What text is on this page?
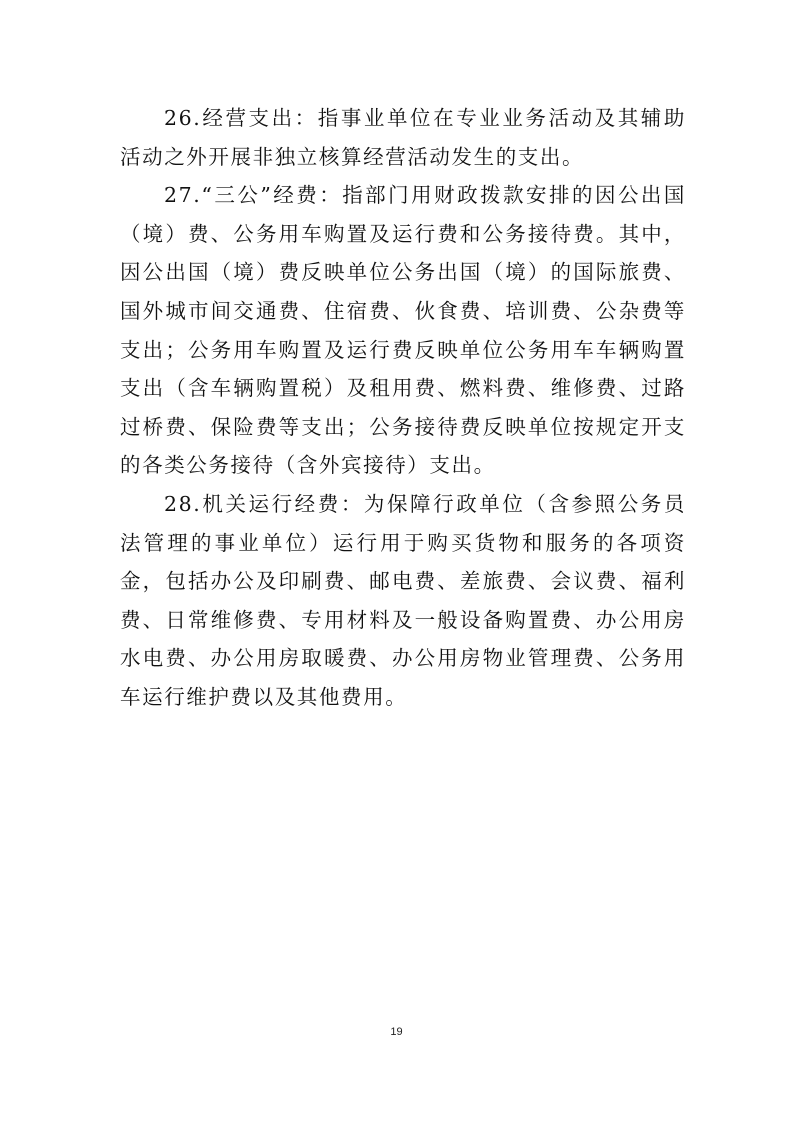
26.经营支出：指事业单位在专业业务活动及其辅助活动之外开展非独立核算经营活动发生的支出。

27.“三公”经费：指部门用财政拨款安排的因公出国（境）费、公务用车购置及运行费和公务接待费。其中，因公出国（境）费反映单位公务出国（境）的国际旅费、国外城市间交通费、住宿费、伙食费、培训费、公杂费等支出；公务用车购置及运行费反映单位公务用车车辆购置支出（含车辆购置税）及租用费、燃料费、维修费、过路过桥费、保险费等支出；公务接待费反映单位按规定开支的各类公务接待（含外宾接待）支出。

28.机关运行经费：为保障行政单位（含参照公务员法管理的事业单位）运行用于购买货物和服务的各项资金，包括办公及印刷费、邮电费、差旅费、会议费、福利费、日常维修费、专用材料及一般设备购置费、办公用房水电费、办公用房取暖费、办公用房物业管理费、公务用车运行维护费以及其他费用。

19
